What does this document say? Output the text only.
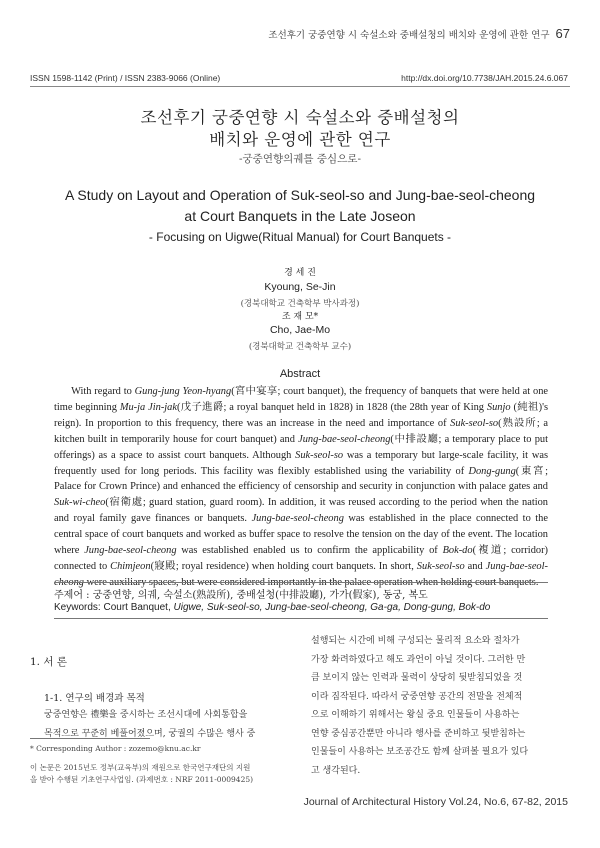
조선후기 궁중연향 시 숙설소와 중배설청의 배치와 운영에 관한 연구 67
ISSN 1598-1142 (Print) / ISSN 2383-9066 (Online)	http://dx.doi.org/10.7738/JAH.2015.24.6.067
조선후기 궁중연향 시 숙설소와 중배설청의
배치와 운영에 관한 연구
-궁중연향의궤를 중심으로-
A Study on Layout and Operation of Suk-seol-so and Jung-bae-seol-cheong
at Court Banquets in the Late Joseon
- Focusing on Uigwe(Ritual Manual) for Court Banquets -
경 세 진
Kyoung, Se-Jin
(경북대학교 건축학부 박사과정)
조 재 모*
Cho, Jae-Mo
(경북대학교 건축학부 교수)
Abstract
With regard to Gung-jung Yeon-hyang(宮中宴享; court banquet), the frequency of banquets that were held at one time beginning Mu-ja Jin-jak(戊子進爵; a royal banquet held in 1828) in 1828 (the 28th year of King Sunjo (純祖)'s reign). In proportion to this frequency, there was an increase in the need and importance of Suk-seol-so(熟設所; a kitchen built in temporarily house for court banquet) and Jung-bae-seol-cheong(中排設廳; a temporary place to put offerings) as a space to assist court banquets. Although Suk-seol-so was a temporary but large-scale facility, it was frequently used for long periods. This facility was flexibly established using the variability of Dong-gung(東宮; Palace for Crown Prince) and enhanced the efficiency of censorship and security in conjunction with palace gates and Suk-wi-cheo(宿衛處; guard station, guard room). In addition, it was reused according to the period when the nation and royal family gave finances or banquets. Jung-bae-seol-cheong was established in the place connected to the central space of court banquets and worked as buffer space to resolve the tension on the day of the event. The location where Jung-bae-seol-cheong was established enabled us to confirm the applicability of Bok-do(複道; corridor) connected to Chimjeon(寢殿; royal residence) when holding court banquets. In short, Suk-seol-so and Jung-bae-seol-cheong were auxiliary spaces, but were considered importantly in the palace operation when holding court banquets.
주제어 : 궁중연향, 의궤, 숙설소(熟設所), 중배설청(中排設廳), 가가(假家), 동궁, 복도
Keywords: Court Banquet, Uigwe, Suk-seol-so, Jung-bae-seol-cheong, Ga-ga, Dong-gung, Bok-do
1. 서 론
1-1. 연구의 배경과 목적
궁중연향은 禮樂을 중시하는 조선시대에 사회통합을
목적으로 꾸준히 베풀어졌으며, 궁궐의 수많은 행사 중
설행되는 시간에 비해 구성되는 물리적 요소와 절차가
가장 화려하였다고 해도 과언이 아닐 것이다. 그러한 만
큼 보이지 않는 인력과 물력이 상당히 뒷받침되었을 것
이라 짐작된다. 따라서 궁중연향 공간의 전말을 전체적
으로 이해하기 위해서는 왕실 중요 인물들이 사용하는
연향 중심공간뿐만 아니라 행사를 준비하고 뒷받침하는
인물들이 사용하는 보조공간도 함께 살펴볼 필요가 있다
고 생각된다.
* Corresponding Author : zozemo@knu.ac.kr
이 논문은 2015년도 정부(교육부)의 재원으로 한국연구재단의 지원
을 받아 수행된 기초연구사업임. (과제번호 : NRF 2011-0009425)
Journal of Architectural History Vol.24, No.6, 67-82, 2015
